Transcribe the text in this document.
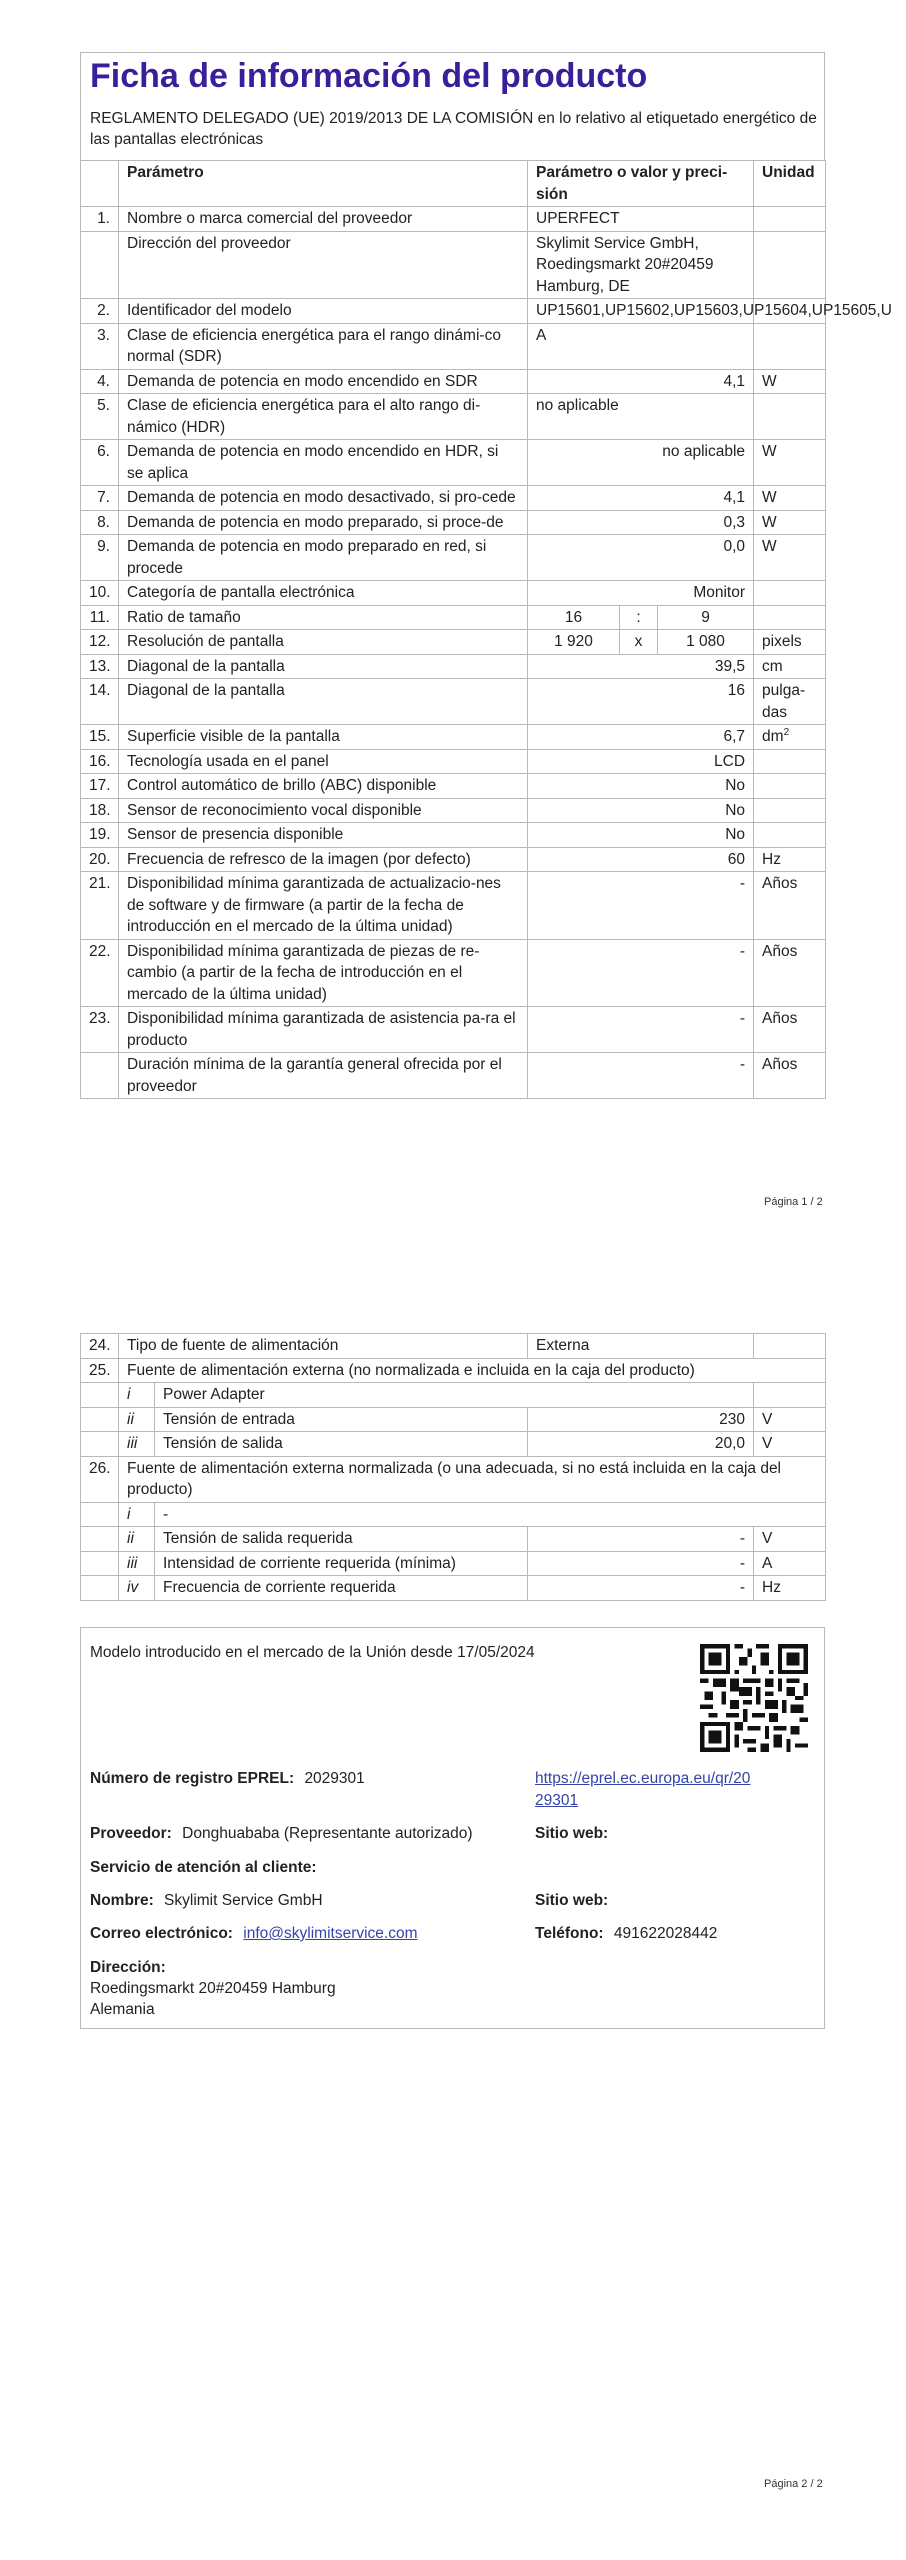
Ficha de información del producto
REGLAMENTO DELEGADO (UE) 2019/2013 DE LA COMISIÓN en lo relativo al etiquetado energético de las pantallas electrónicas
	Parámetro	Parámetro o valor y preci-sión			Unidad
1.	Nombre o marca comercial del proveedor	UPERFECT			
	Dirección del proveedor	Skylimit Service GmbH, Roedingsmarkt 20#20459 Hamburg, DE			
2.	Identificador del modelo	UP15601,UP15602,UP15603,UP15604,UP15605,U			
3.	Clase de eficiencia energética para el rango dinámi-co normal (SDR)	A			
4.	Demanda de potencia en modo encendido en SDR	4,1			W
5.	Clase de eficiencia energética para el alto rango di-námico (HDR)	no aplicable			
6.	Demanda de potencia en modo encendido en HDR, si se aplica	no aplicable			W
7.	Demanda de potencia en modo desactivado, si pro-cede	4,1			W
8.	Demanda de potencia en modo preparado, si proce-de	0,3			W
9.	Demanda de potencia en modo preparado en red, si procede	0,0			W
10.	Categoría de pantalla electrónica	Monitor			
11.	Ratio de tamaño	16	:	9	
12.	Resolución de pantalla	1 920	x	1 080	pixels
13.	Diagonal de la pantalla	39,5			cm
14.	Diagonal de la pantalla	16			pulga-das
15.	Superficie visible de la pantalla	6,7			$dm^2$
16.	Tecnología usada en el panel	LCD			
17.	Control automático de brillo (ABC) disponible	No			
18.	Sensor de reconocimiento vocal disponible	No			
19.	Sensor de presencia disponible	No			
20.	Frecuencia de refresco de la imagen (por defecto)	60			Hz
21.	Disponibilidad mínima garantizada de actualizacio-nes de software y de firmware (a partir de la fecha de introducción en el mercado de la última unidad)	-			Años
22.	Disponibilidad mínima garantizada de piezas de re-cambio (a partir de la fecha de introducción en el mercado de la última unidad)	-			Años
23.	Disponibilidad mínima garantizada de asistencia pa-ra el producto	-			Años
	Duración mínima de la garantía general ofrecida por el proveedor	-			Años
Página 1 / 2
24.	Tipo de fuente de alimentación		Externa	
25.	Fuente de alimentación externa (no normalizada e incluida en la caja del producto)			
	i	Power Adapter		
	ii	Tensión de entrada	230	V
	iii	Tensión de salida	20,0	V
26.	Fuente de alimentación externa normalizada (o una adecuada, si no está incluida en la caja del producto)			
	i	-		
	ii	Tensión de salida requerida	-	V
	iii	Intensidad de corriente requerida (mínima)	-	A
	iv	Frecuencia de corriente requerida	-	Hz
Modelo introducido en el mercado de la Unión desde 17/05/2024
Número de registro EPREL: 2029301	https://eprel.ec.europa.eu/qr/20
29301
Proveedor: Donghuababa (Representante autorizado)	Sitio web:
Servicio de atención al cliente:
Nombre: Skylimit Service GmbH	Sitio web:
Correo electrónico: info@skylimitservice.com	Teléfono: 491622028442
Dirección:
Roedingsmarkt 20#20459 Hamburg
Alemania
Página 2 / 2
